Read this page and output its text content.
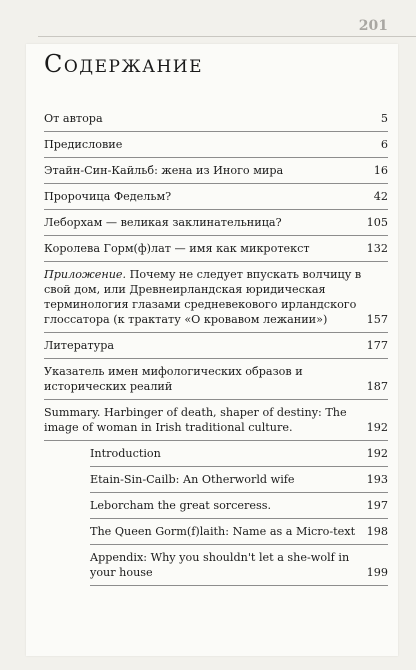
201
Содержание
От автора	5
Предисловие	6
Этайн-Син-Кайльб: жена из Иного мира	16
Пророчица Федельм?	42
Леборхам — великая заклинательница?	105
Королева Горм(ф)лат — имя как микротекст	132
Приложение. Почему не следует впускать волчицу в свой дом, или Древнеирландская юридическая терминология глазами средневекового ирландского глоссатора (к трактату «О кровавом лежании»)	157
Литература	177
Указатель имен мифологических образов и исторических реалий	187
Summary. Harbinger of death, shaper of destiny: The image of woman in Irish traditional culture.	192
Introduction	192
Etain-Sin-Cailb: An Otherworld wife	193
Leborcham the great sorceress.	197
The Queen Gorm(f)laith: Name as a Micro-text	198
Appendix: Why you shouldn't let a she-wolf in your house	199
